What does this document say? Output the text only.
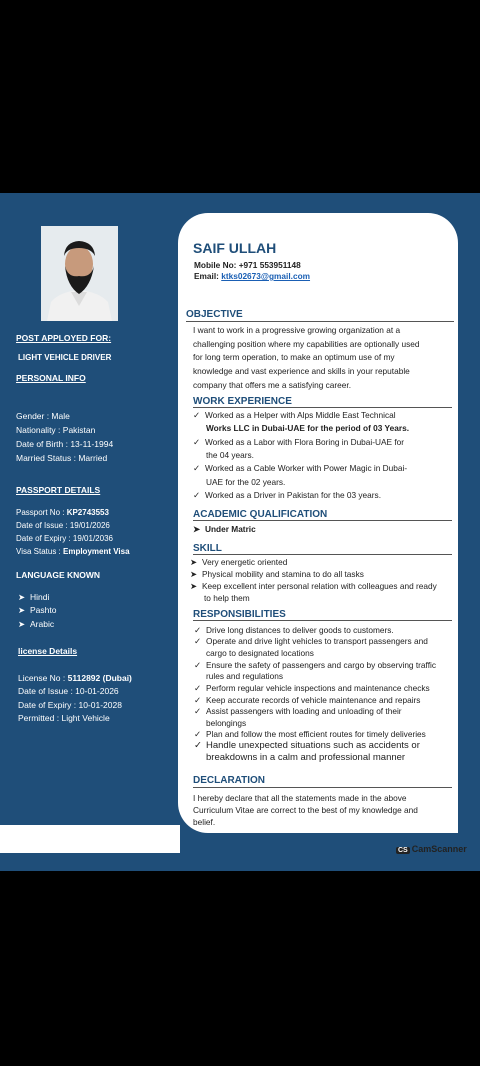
POST APPLOYED FOR:
LIGHT VEHICLE DRIVER
PERSONAL INFO
Gender : Male
Nationality : Pakistan
Date of Birth : 13-11-1994
Married Status : Married
PASSPORT DETAILS
Passport No : KP2743553
Date of Issue : 19/01/2026
Date of Expiry : 19/01/2036
Visa Status : Employment Visa
LANGUAGE KNOWN
➤ Hindi
➤ Pashto
➤ Arabic
license Details
License No : 5112892 (Dubai)
Date of Issue : 10-01-2026
Date of Expiry : 10-01-2028
Permitted : Light Vehicle
SAIF ULLAH
Mobile No: +971 553951148
Email: ktks02673@gmail.com
OBJECTIVE
I want to work in a progressive growing organization at a
challenging position where my capabilities are optionally used
for long term operation, to make an optimum use of my
knowledge and vast experience and skills in your reputable
company that offers me a satisfying career.
WORK EXPERIENCE
✓ Worked as a Helper with Alps Middle East Technical
Works LLC in Dubai-UAE for the period of 03 Years.
✓ Worked as a Labor with Flora Boring in Dubai-UAE for
the 04 years.
✓ Worked as a Cable Worker with Power Magic in Dubai-
UAE for the 02 years.
✓ Worked as a Driver in Pakistan for the 03 years.
ACADEMIC QUALIFICATION
➤ Under Matric
SKILL
➤ Very energetic oriented
➤ Physical mobility and stamina to do all tasks
➤ Keep excellent inter personal relation with colleagues and ready
to help them
RESPONSIBILITIES
✓ Drive long distances to deliver goods to customers.
✓ Operate and drive light vehicles to transport passengers and
cargo to designated locations
✓ Ensure the safety of passengers and cargo by observing traffic
rules and regulations
✓ Perform regular vehicle inspections and maintenance checks
✓ Keep accurate records of vehicle maintenance and repairs
✓ Assist passengers with loading and unloading of their
belongings
✓ Plan and follow the most efficient routes for timely deliveries
✓ Handle unexpected situations such as accidents or
breakdowns in a calm and professional manner
DECLARATION
I hereby declare that all the statements made in the above
Curriculum Vitae are correct to the best of my knowledge and
belief.
CS CamScanner
